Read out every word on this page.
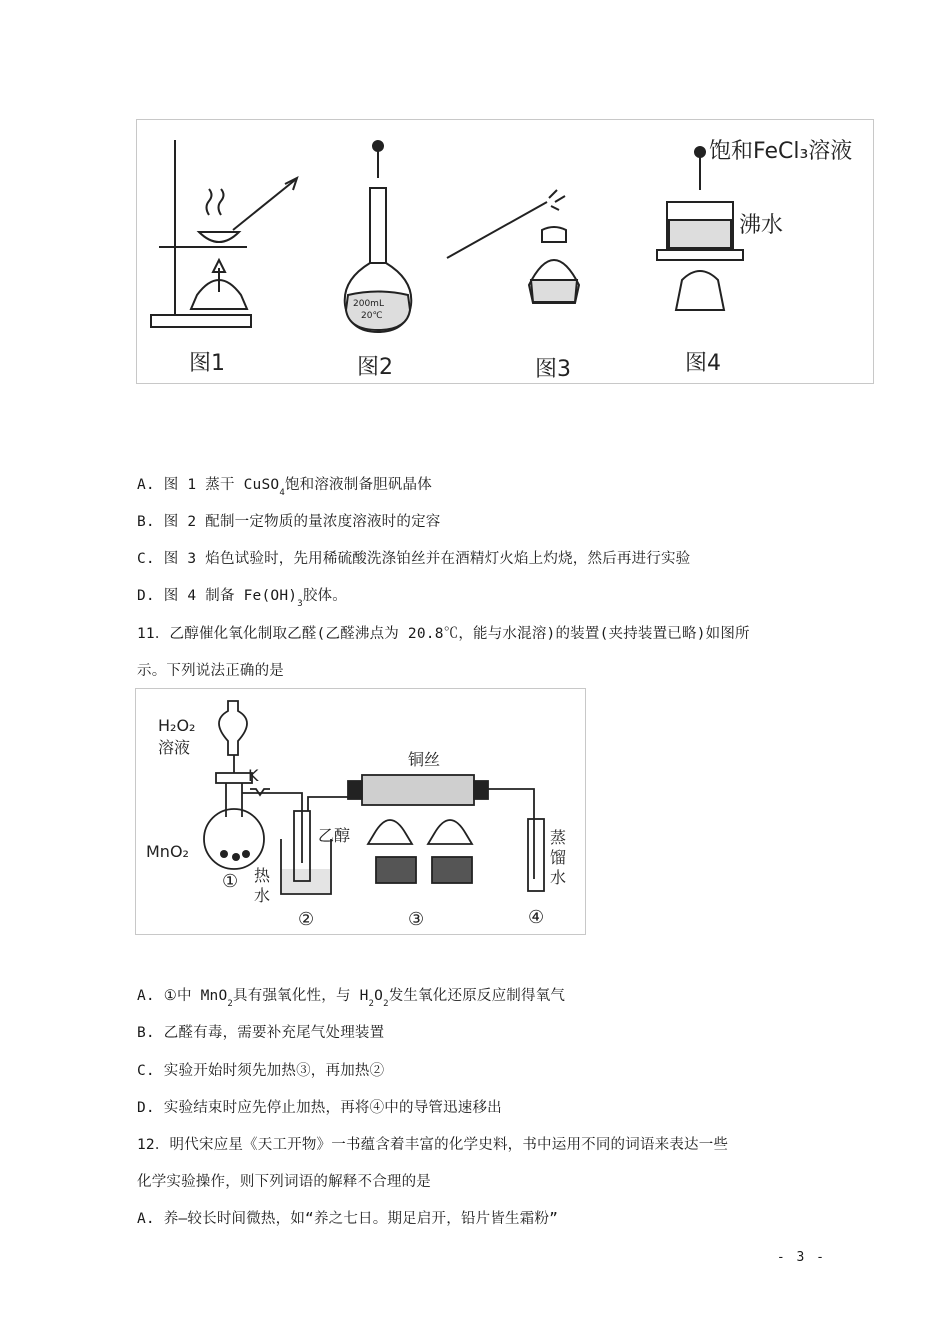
图1	图2	图3	图4
200mL
20℃
饱和FeCl₃溶液
沸水
A. 图 1 蒸干 CuSO$_4$饱和溶液制备胆矾晶体
B. 图 2 配制一定物质的量浓度溶液时的定容
C. 图 3 焰色试验时，先用稀硫酸洗涤铂丝并在酒精灯火焰上灼烧，然后再进行实验
D. 图 4 制备 $Fe(OH)_3$胶体。
11．乙醇催化氧化制取乙醛(乙醛沸点为 20.8℃，能与水混溶)的装置(夹持装置已略)如图所
示。下列说法正确的是
H₂O₂
溶液
K
MnO₂
铜丝
乙醇
热
水
蒸
馏
水
①
②	③	④
A. ①中 MnO$_2$具有强氧化性，与 $H_2O_2$发生氧化还原反应制得氧气
B. 乙醛有毒，需要补充尾气处理装置
C. 实验开始时须先加热③，再加热②
D. 实验结束时应先停止加热，再将④中的导管迅速移出
12．明代宋应星《天工开物》一书蕴含着丰富的化学史料，书中运用不同的词语来表达一些
化学实验操作，则下列词语的解释不合理的是
A. 养—较长时间微热，如“养之七日。期足启开，铅片皆生霜粉”
- 3 -
